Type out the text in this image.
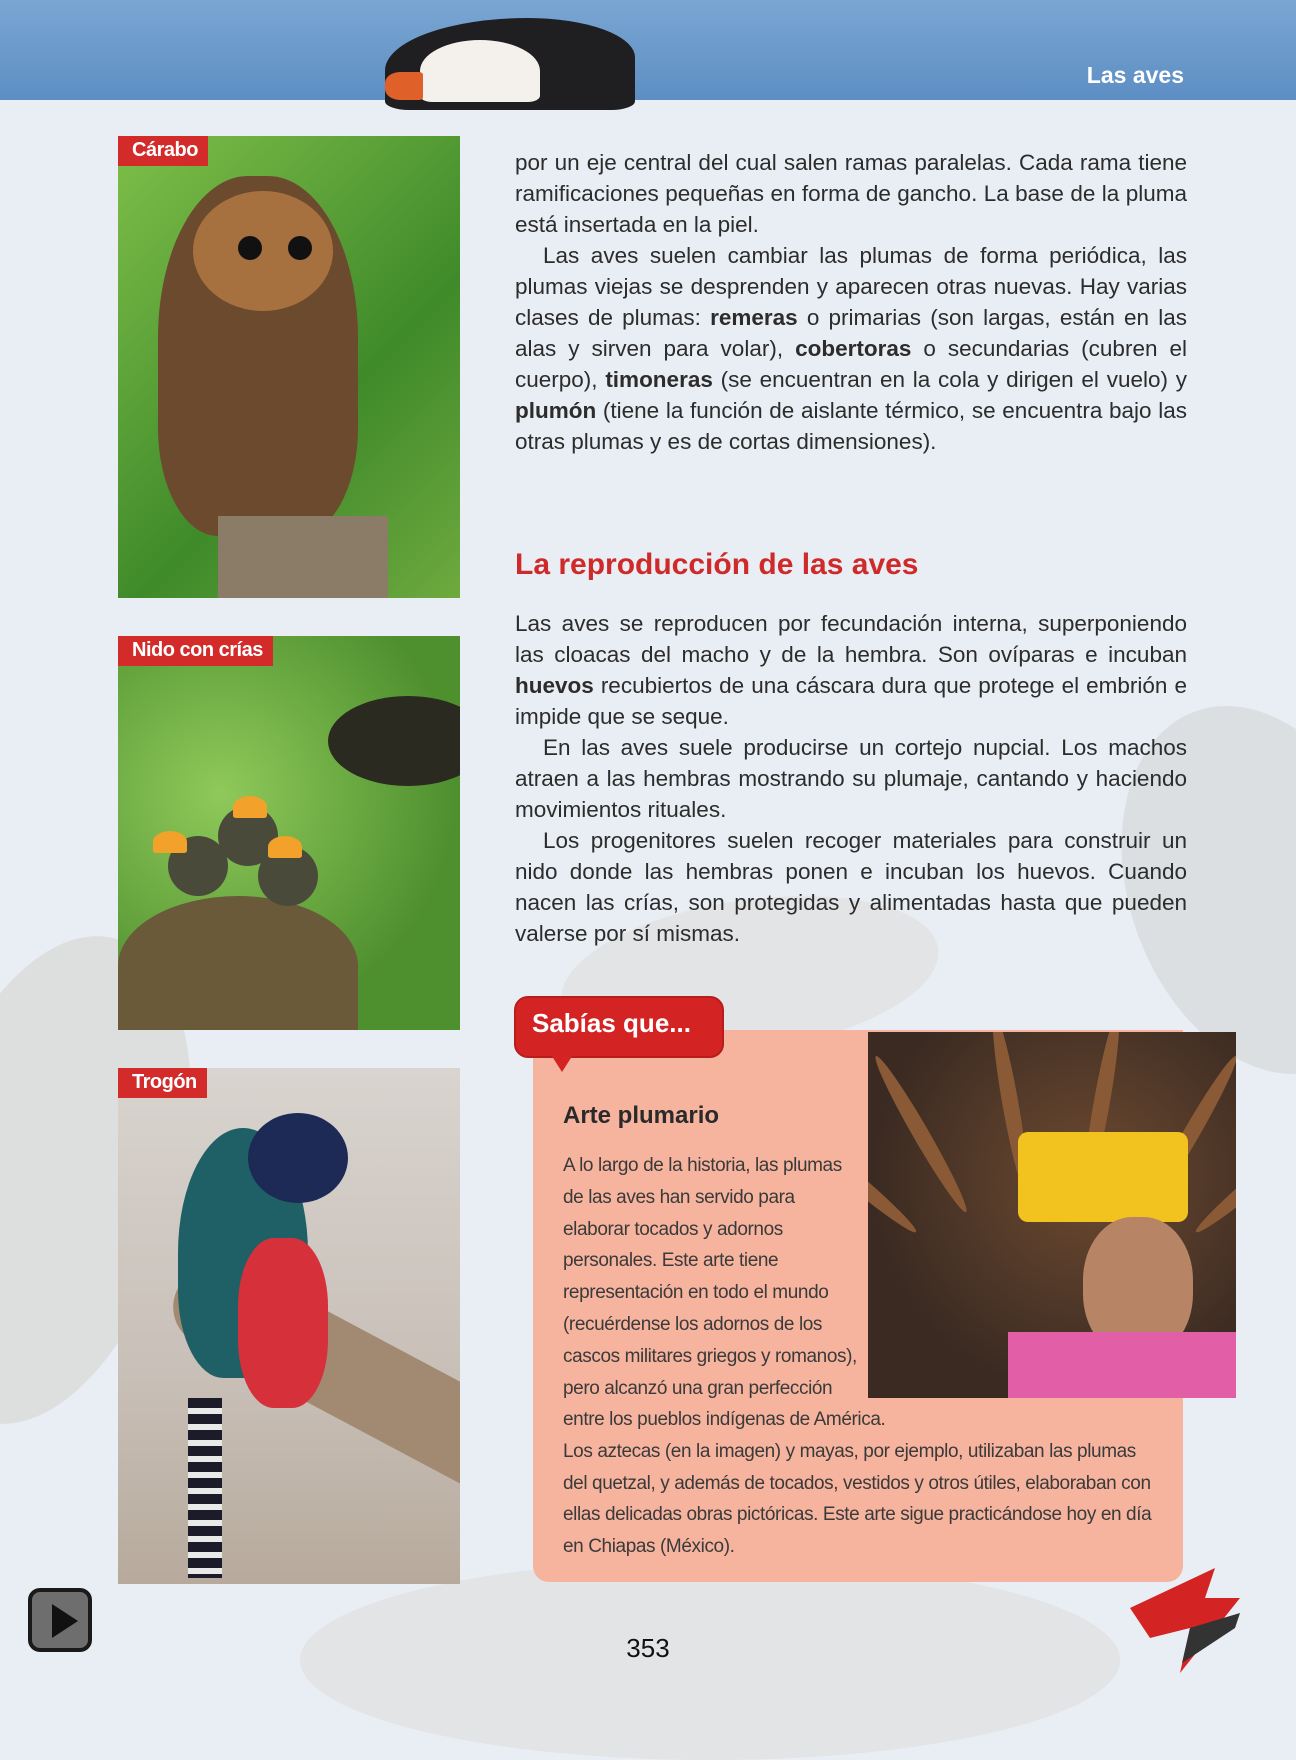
Las aves
Cárabo
Nido con crías
Trogón

por un eje central del cual salen ramas paralelas. Cada rama tiene ramificaciones pequeñas en forma de gancho. La base de la pluma está insertada en la piel.

Las aves suelen cambiar las plumas de forma periódica, las plumas viejas se desprenden y aparecen otras nuevas. Hay varias clases de plumas: remeras o primarias (son largas, están en las alas y sirven para volar), cobertoras o secundarias (cubren el cuerpo), timoneras (se encuentran en la cola y dirigen el vuelo) y plumón (tiene la función de aislante térmico, se encuentra bajo las otras plumas y es de cortas dimensiones).

La reproducción de las aves

Las aves se reproducen por fecundación interna, superponiendo las cloacas del macho y de la hembra. Son ovíparas e incuban huevos recubiertos de una cáscara dura que protege el embrión e impide que se seque.

En las aves suele producirse un cortejo nupcial. Los machos atraen a las hembras mostrando su plumaje, cantando y haciendo movimientos rituales.

Los progenitores suelen recoger materiales para construir un nido donde las hembras ponen e incuban los huevos. Cuando nacen las crías, son protegidas y alimentadas hasta que pueden valerse por sí mismas.

Sabías que...
Arte plumario
A lo largo de la historia, las plumas de las aves han servido para elaborar tocados y adornos personales. Este arte tiene representación en todo el mundo (recuérdense los adornos de los cascos militares griegos y romanos), pero alcanzó una gran perfección
entre los pueblos indígenas de América.
Los aztecas (en la imagen) y mayas, por ejemplo, utilizaban las plumas del quetzal, y además de tocados, vestidos y otros útiles, elaboraban con ellas delicadas obras pictóricas. Este arte sigue practicándose hoy en día en Chiapas (México).
353
